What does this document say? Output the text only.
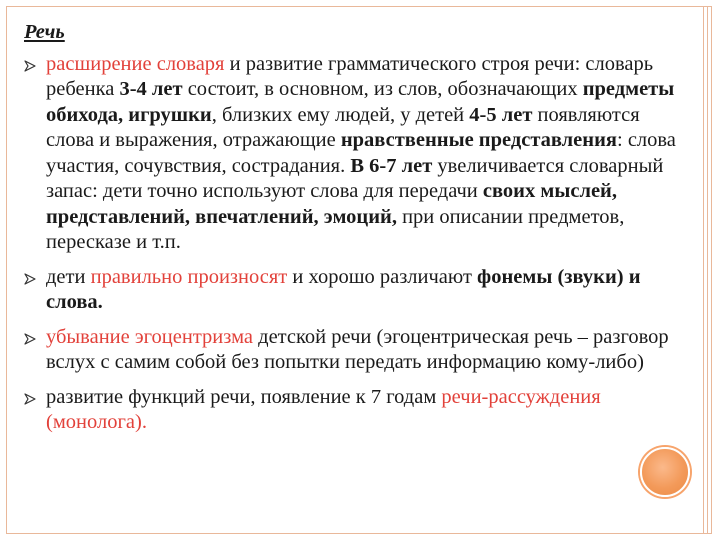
Речь
расширение словаря и развитие грамматического строя речи: словарь ребенка 3-4 лет состоит, в основном, из слов, обозначающих предметы обихода, игрушки, близких ему людей, у детей 4-5 лет появляются слова и выражения, отражающие нравственные представления: слова участия, сочувствия, сострадания. В 6-7 лет увеличивается словарный запас: дети точно используют слова для передачи своих мыслей, представлений, впечатлений, эмоций, при описании предметов, пересказе и т.п.
дети правильно произносят и хорошо различают фонемы (звуки) и слова.
убывание эгоцентризма детской речи (эгоцентрическая речь – разговор вслух с самим собой без попытки передать информацию кому-либо)
развитие функций речи, появление к 7 годам речи-рассуждения (монолога).
